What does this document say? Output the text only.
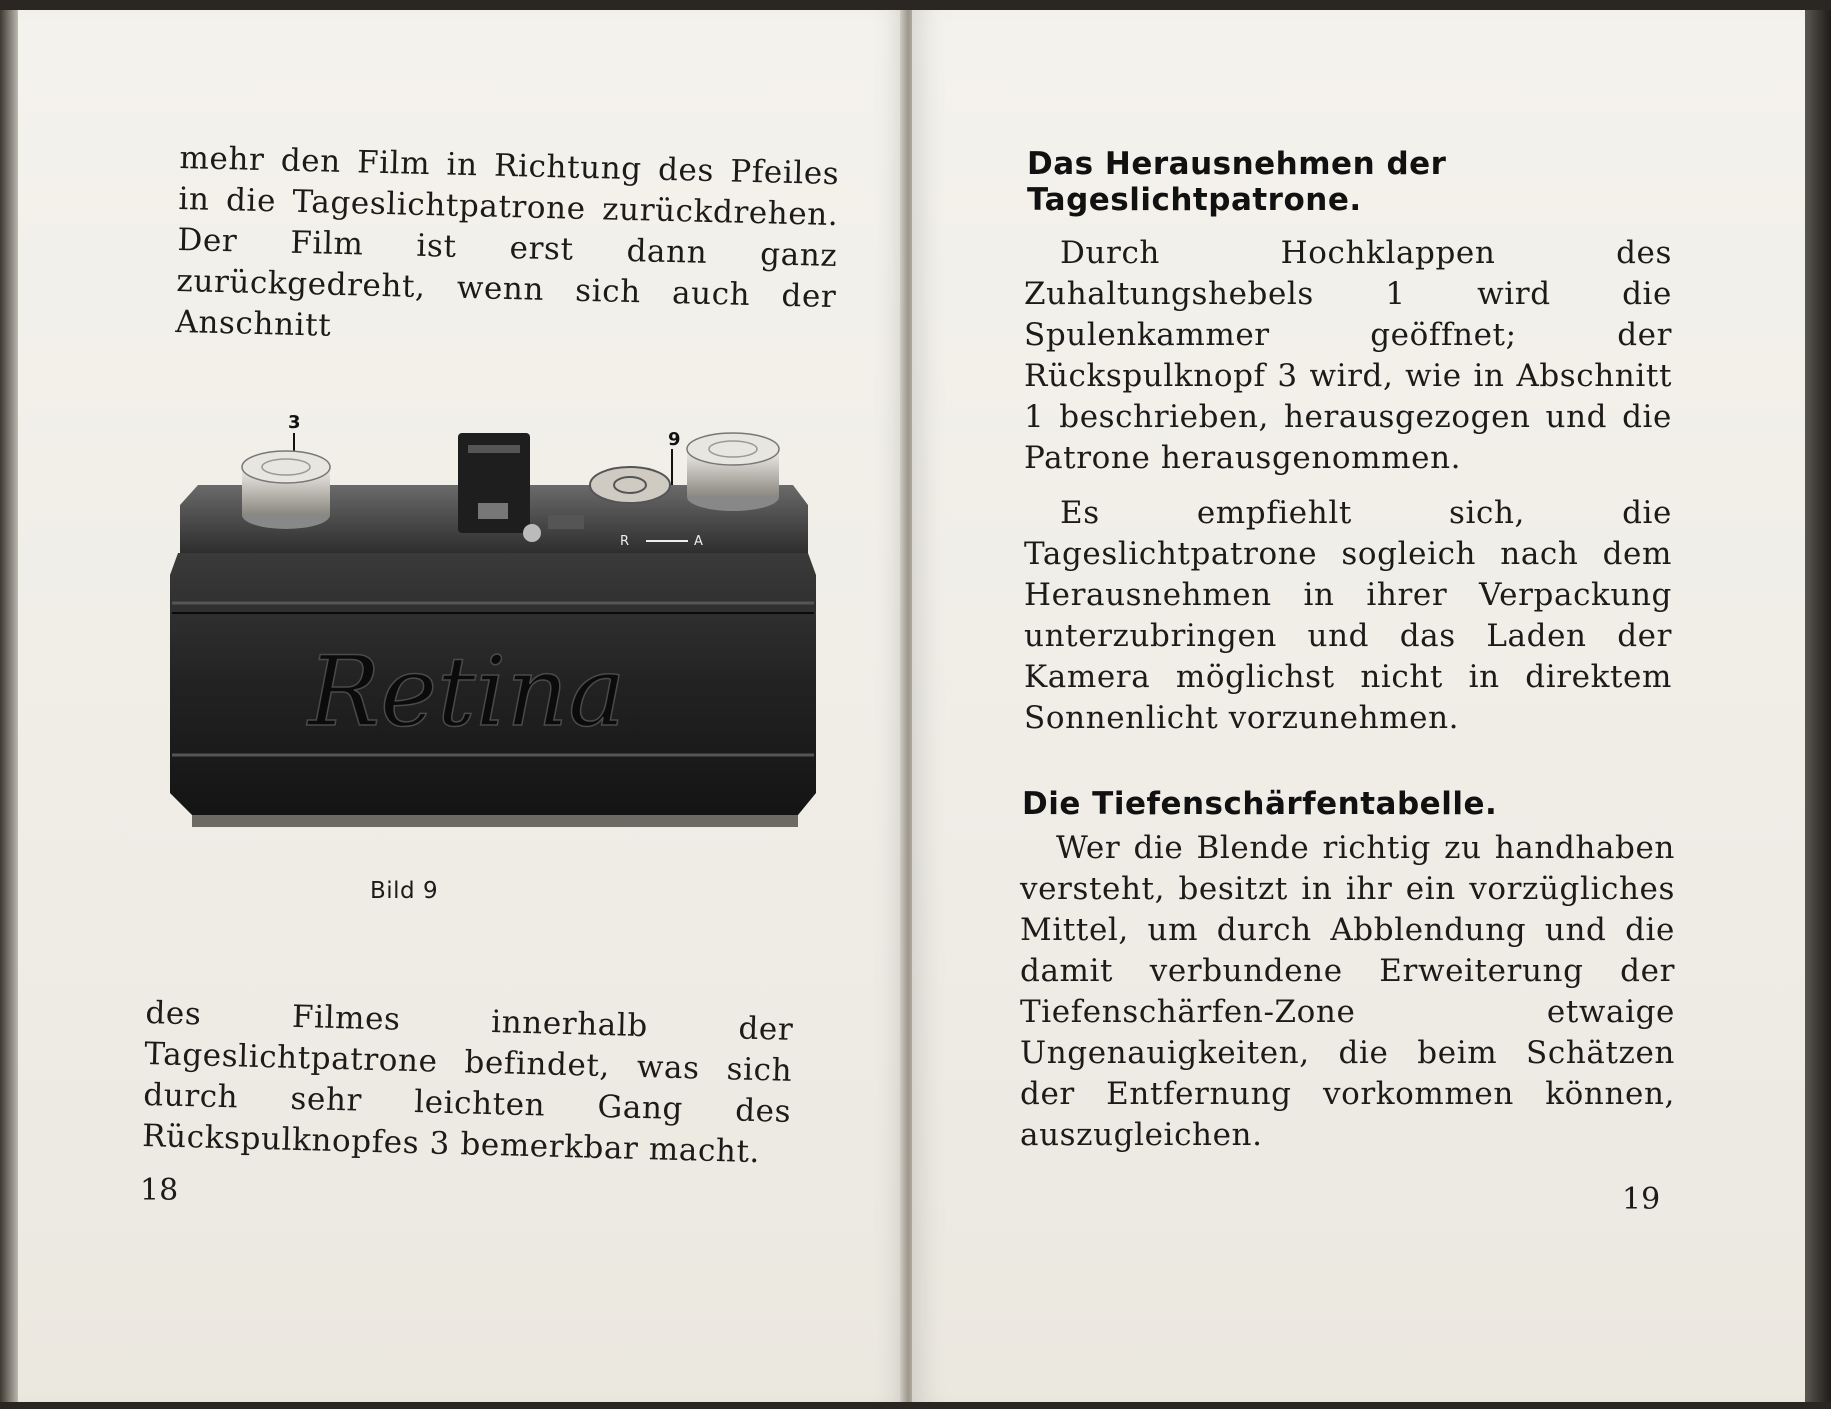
mehr den Film in Richtung des Pfeiles in die Tageslichtpatrone zurückdrehen. Der Film ist erst dann ganz zurückgedreht, wenn sich auch der Anschnitt

3
9
R	A
Retina
Bild 9

des Filmes innerhalb der Tageslichtpatrone befindet, was sich durch sehr leichten Gang des Rückspulknopfes 3 bemerkbar macht.

18
Das Herausnehmen der
Tageslichtpatrone.

Durch Hochklappen des Zuhaltungshebels 1 wird die Spulenkammer geöffnet; der Rückspulknopf 3 wird, wie in Abschnitt 1 beschrieben, herausgezogen und die Patrone herausgenommen.

Es empfiehlt sich, die Tageslichtpatrone sogleich nach dem Herausnehmen in ihrer Verpackung unterzubringen und das Laden der Kamera möglichst nicht in direktem Sonnenlicht vorzunehmen.

Die Tiefenschärfentabelle.

Wer die Blende richtig zu handhaben versteht, besitzt in ihr ein vorzügliches Mittel, um durch Abblendung und die damit verbundene Erweiterung der Tiefenschärfen-Zone etwaige Ungenauigkeiten, die beim Schätzen der Entfernung vorkommen können, auszugleichen.

19
